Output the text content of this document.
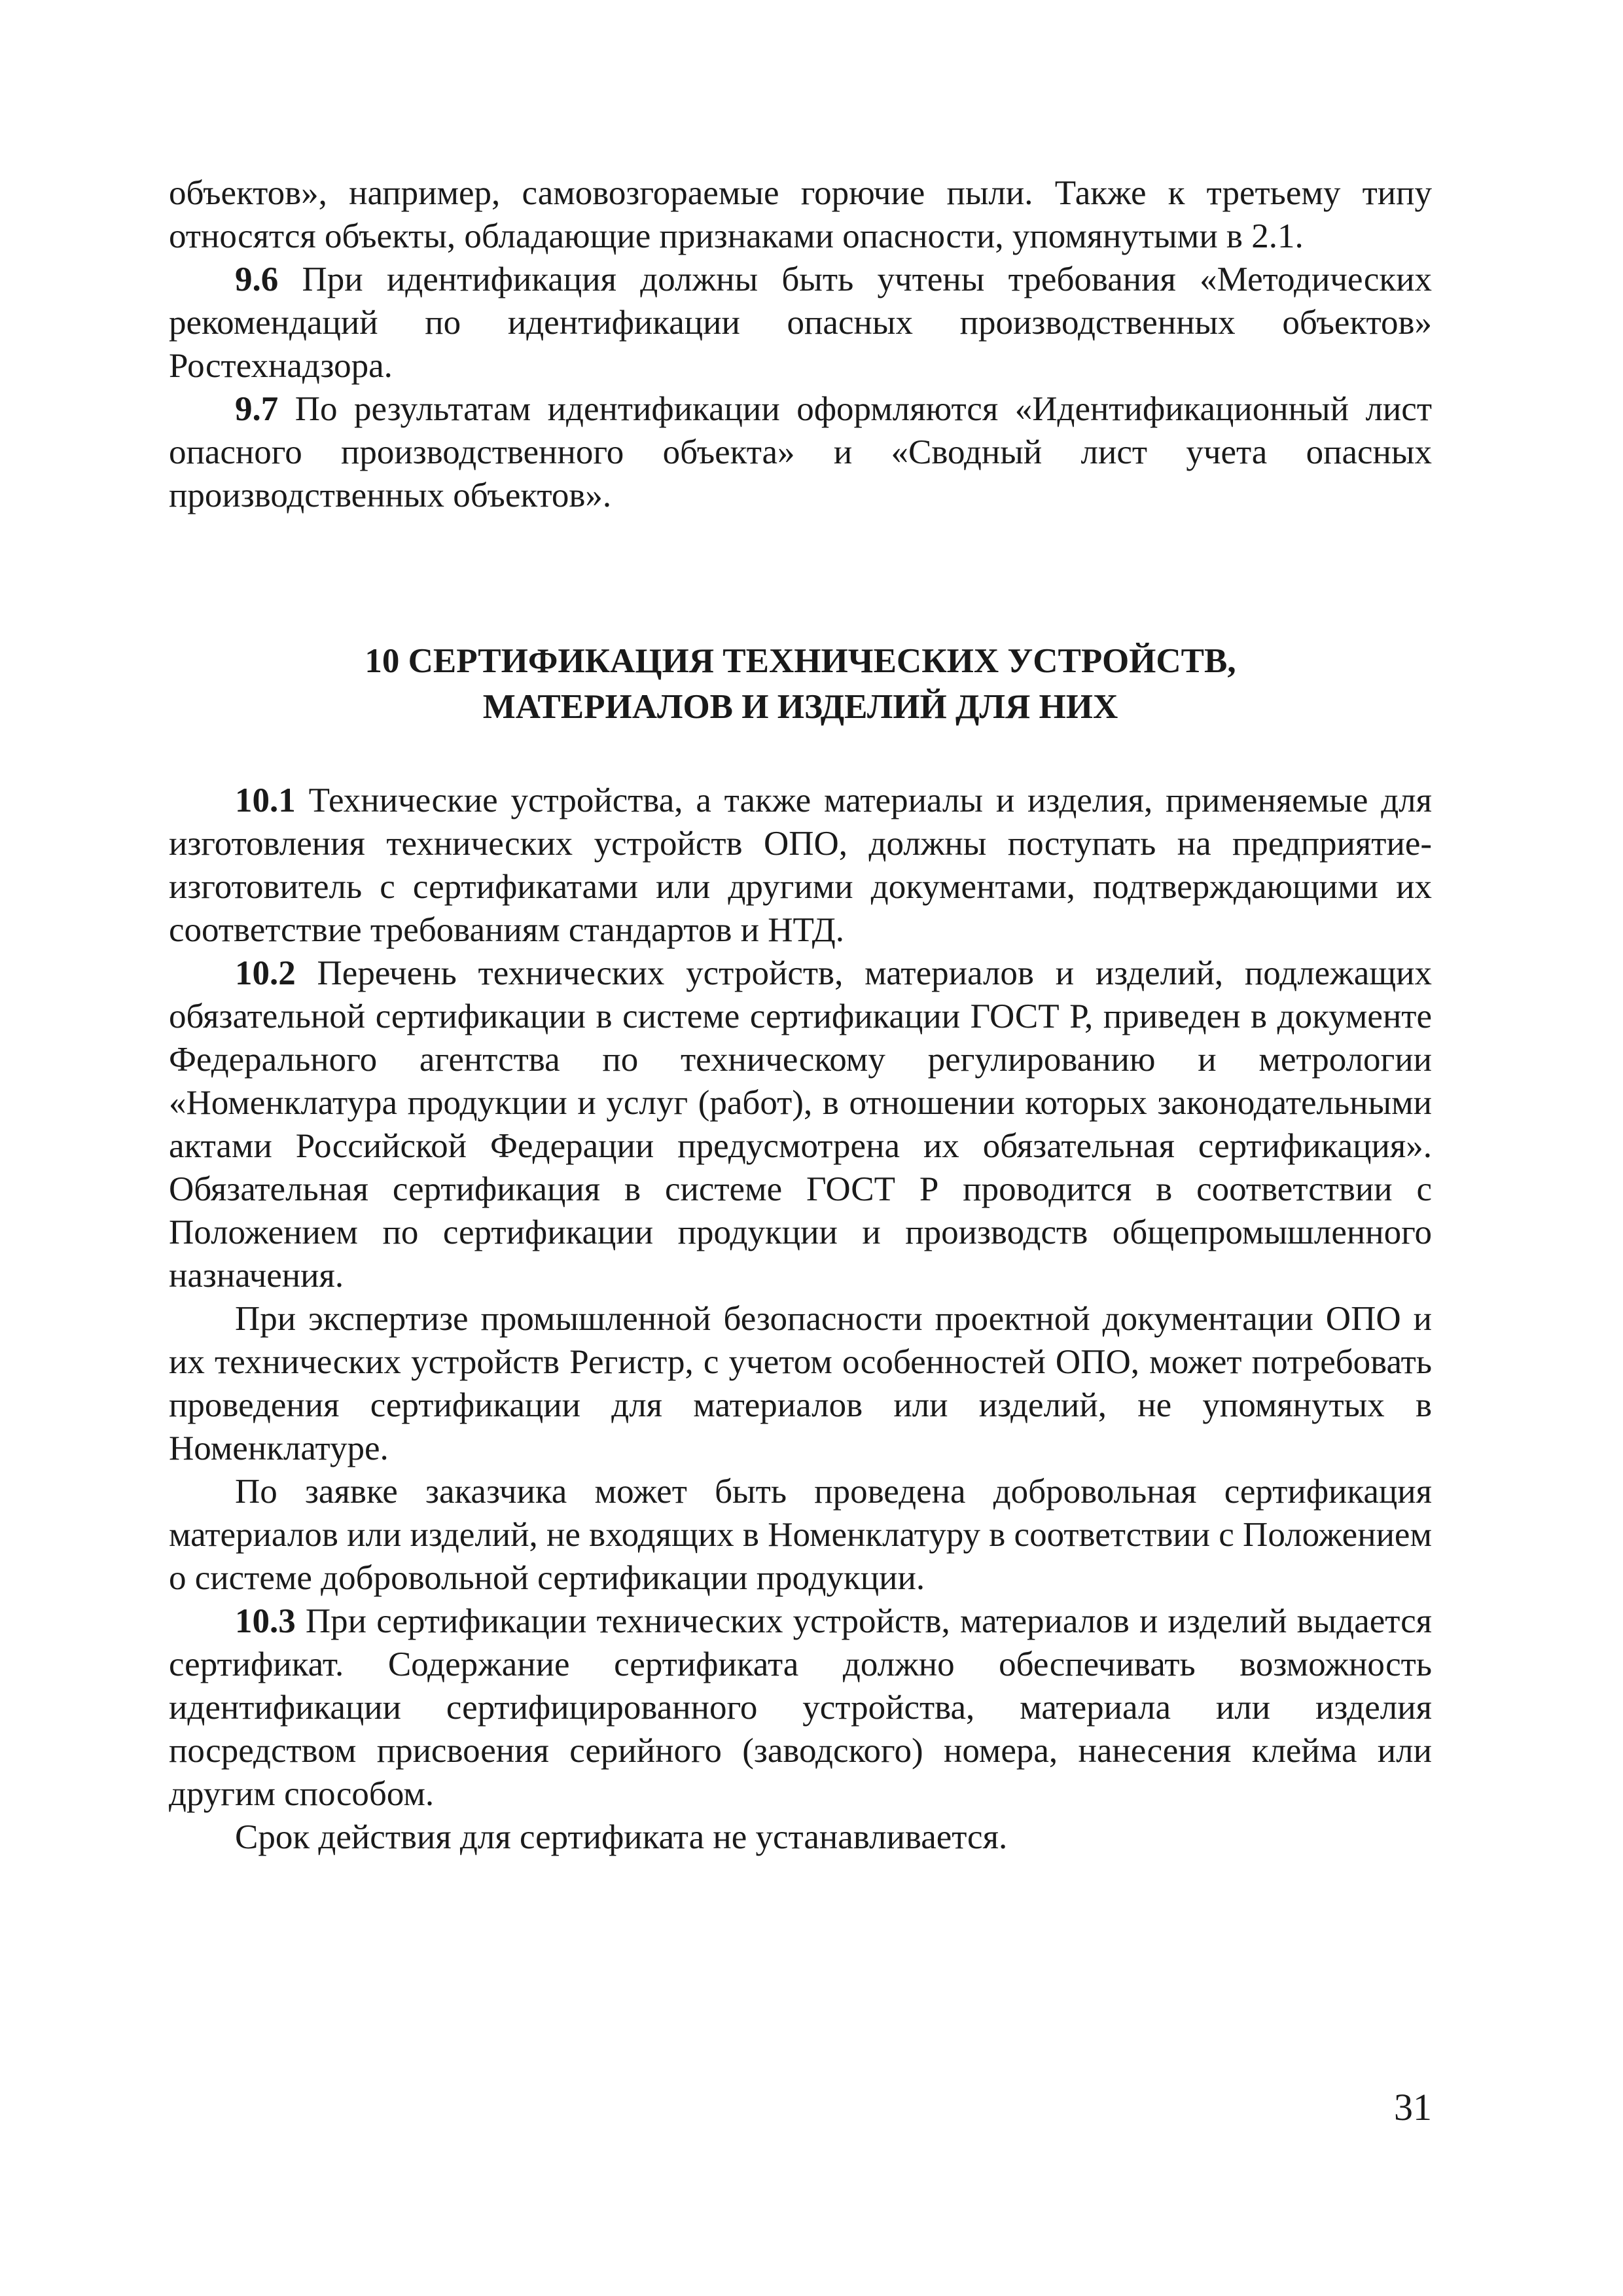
объектов», например, самовозгораемые горючие пыли. Также к третьему типу относятся объекты, обладающие признаками опасности, упомянутыми в 2.1.

9.6 При идентификация должны быть учтены требования «Методических рекомендаций по идентификации опасных производственных объектов» Ростехнадзора.

9.7 По результатам идентификации оформляются «Идентификационный лист опасного производственного объекта» и «Сводный лист учета опасных производственных объектов».

10 СЕРТИФИКАЦИЯ ТЕХНИЧЕСКИХ УСТРОЙСТВ,
МАТЕРИАЛОВ И ИЗДЕЛИЙ ДЛЯ НИХ

10.1 Технические устройства, а также материалы и изделия, применяемые для изготовления технических устройств ОПО, должны поступать на предприятие-изготовитель с сертификатами или другими документами, подтверждающими их соответствие требованиям стандартов и НТД.

10.2 Перечень технических устройств, материалов и изделий, подлежащих обязательной сертификации в системе сертификации ГОСТ Р, приведен в документе Федерального агентства по техническому регулированию и метрологии «Номенклатура продукции и услуг (работ), в отношении которых законодательными актами Российской Федерации предусмотрена их обязательная сертификация». Обязательная сертификация в системе ГОСТ Р проводится в соответствии с Положением по сертификации продукции и производств общепромышленного назначения.

При экспертизе промышленной безопасности проектной документации ОПО и их технических устройств Регистр, с учетом особенностей ОПО, может потребовать проведения сертификации для материалов или изделий, не упомянутых в Номенклатуре.

По заявке заказчика может быть проведена добровольная сертификация материалов или изделий, не входящих в Номенклатуру в соответствии с Положением о системе добровольной сертификации продукции.

10.3 При сертификации технических устройств, материалов и изделий выдается сертификат. Содержание сертификата должно обеспечивать возможность идентификации сертифицированного устройства, материала или изделия посредством присвоения серийного (заводского) номера, нанесения клейма или другим способом.

Срок действия для сертификата не устанавливается.

31
